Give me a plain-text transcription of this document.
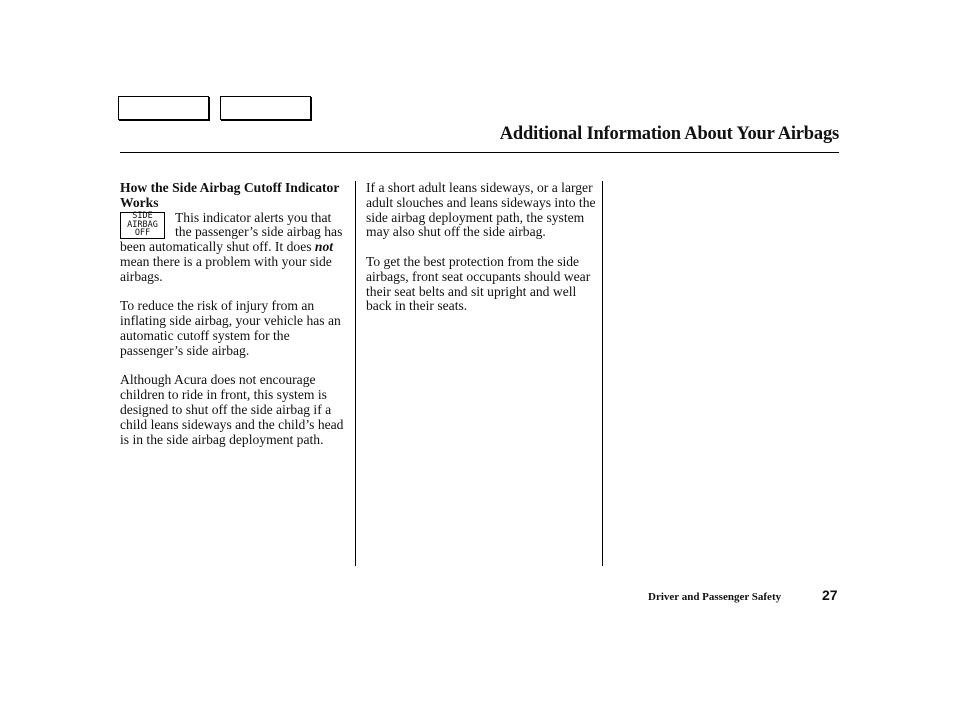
Additional Information About Your Airbags

How the Side Airbag Cutoff Indicator Works

SIDE
AIRBAG
OFF
This indicator alerts you that the passenger’s side airbag has been automatically shut off. It does not mean there is a problem with your side airbags.

To reduce the risk of injury from an inflating side airbag, your vehicle has an automatic cutoff system for the passenger’s side airbag.

Although Acura does not encourage children to ride in front, this system is designed to shut off the side airbag if a child leans sideways and the child’s head is in the side airbag deployment path.

If a short adult leans sideways, or a larger adult slouches and leans sideways into the side airbag deployment path, the system may also shut off the side airbag.

To get the best protection from the side airbags, front seat occupants should wear their seat belts and sit upright and well back in their seats.

Driver and Passenger Safety	27
